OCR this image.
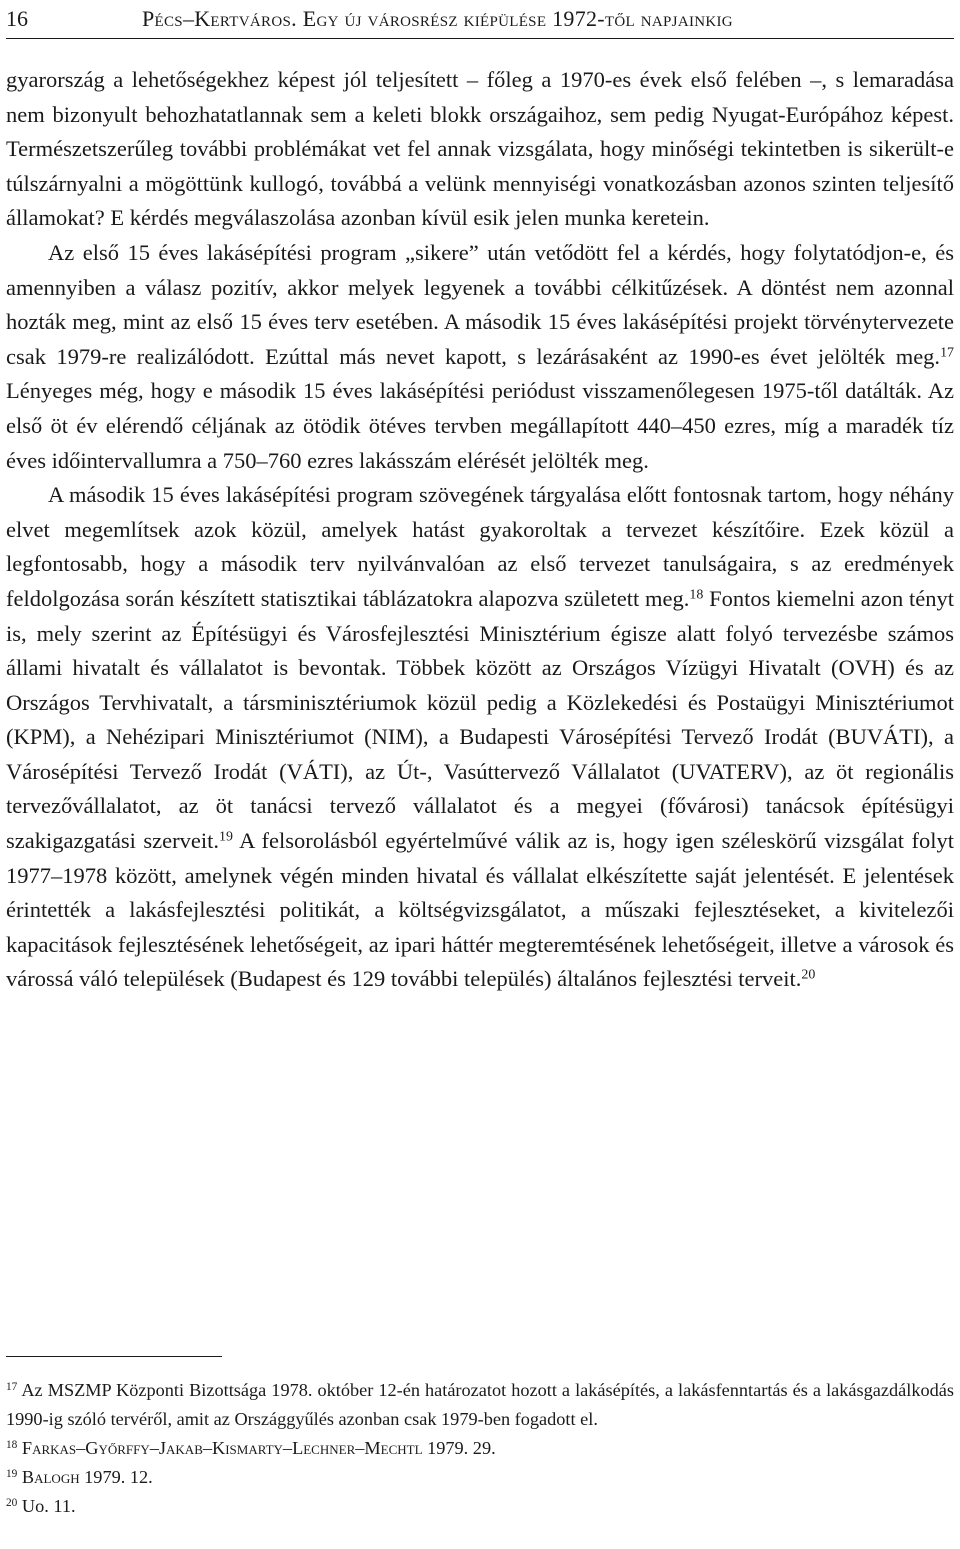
16	Pécs–Kertváros. Egy új városrész kiépülése 1972-től napjainkig

gyarország a lehetőségekhez képest jól teljesített – főleg a 1970-es évek első felében –, s lemaradása nem bizonyult behozhatatlannak sem a keleti blokk országaihoz, sem pedig Nyugat-Európához képest. Természetszerűleg további problémákat vet fel annak vizsgálata, hogy minőségi tekintetben is sikerült-e túlszárnyalni a mögöttünk kullogó, továbbá a velünk mennyiségi vonatkozásban azonos szinten teljesítő államokat? E kérdés megválaszolása azonban kívül esik jelen munka keretein.

Az első 15 éves lakásépítési program „sikere” után vetődött fel a kérdés, hogy folytatódjon-e, és amennyiben a válasz pozitív, akkor melyek legyenek a további célkitűzések. A döntést nem azonnal hozták meg, mint az első 15 éves terv esetében. A második 15 éves lakásépítési projekt törvénytervezete csak 1979-re realizálódott. Ezúttal más nevet kapott, s lezárásaként az 1990-es évet jelölték meg.$^{17}$ Lényeges még, hogy e második 15 éves lakásépítési periódust visszamenőlegesen 1975-től datálták. Az első öt év elérendő céljának az ötödik ötéves tervben megállapított 440–450 ezres, míg a maradék tíz éves időintervallumra a 750–760 ezres lakásszám elérését jelölték meg.

A második 15 éves lakásépítési program szövegének tárgyalása előtt fontosnak tartom, hogy néhány elvet megemlítsek azok közül, amelyek hatást gyakoroltak a tervezet készítőire. Ezek közül a legfontosabb, hogy a második terv nyilvánvalóan az első tervezet tanulságaira, s az eredmények feldolgozása során készített statisztikai táblázatokra alapozva született meg.$^{18}$ Fontos kiemelni azon tényt is, mely szerint az Építésügyi és Városfejlesztési Minisztérium égisze alatt folyó tervezésbe számos állami hivatalt és vállalatot is bevontak. Többek között az Országos Vízügyi Hivatalt (OVH) és az Országos Tervhivatalt, a társminisztériumok közül pedig a Közlekedési és Postaügyi Minisztériumot (KPM), a Nehézipari Minisztériumot (NIM), a Budapesti Városépítési Tervező Irodát (BUVÁTI), a Városépítési Tervező Irodát (VÁTI), az Út-, Vasúttervező Vállalatot (UVATERV), az öt regionális tervezővállalatot, az öt tanácsi tervező vállalatot és a megyei (fővárosi) tanácsok építésügyi szakigazgatási szerveit.$^{19}$ A felsorolásból egyértelművé válik az is, hogy igen széleskörű vizsgálat folyt 1977–1978 között, amelynek végén minden hivatal és vállalat elkészítette saját jelentését. E jelentések érintették a lakásfejlesztési politikát, a költségvizsgálatot, a műszaki fejlesztéseket, a kivitelezői kapacitások fejlesztésének lehetőségeit, az ipari háttér megteremtésének lehetőségeit, illetve a városok és várossá váló települések (Budapest és 129 további település) általános fejlesztési terveit.$^{20}$

$^{17}$ Az MSZMP Központi Bizottsága 1978. október 12-én határozatot hozott a lakásépítés, a lakásfenntartás és a lakásgazdálkodás 1990-ig szóló tervéről, amit az Országgyűlés azonban csak 1979-ben fogadott el.

$^{18}$ Farkas–Győrffy–Jakab–Kismarty–Lechner–Mechtl 1979. 29.

$^{19}$ Balogh 1979. 12.

$^{20}$ Uo. 11.
